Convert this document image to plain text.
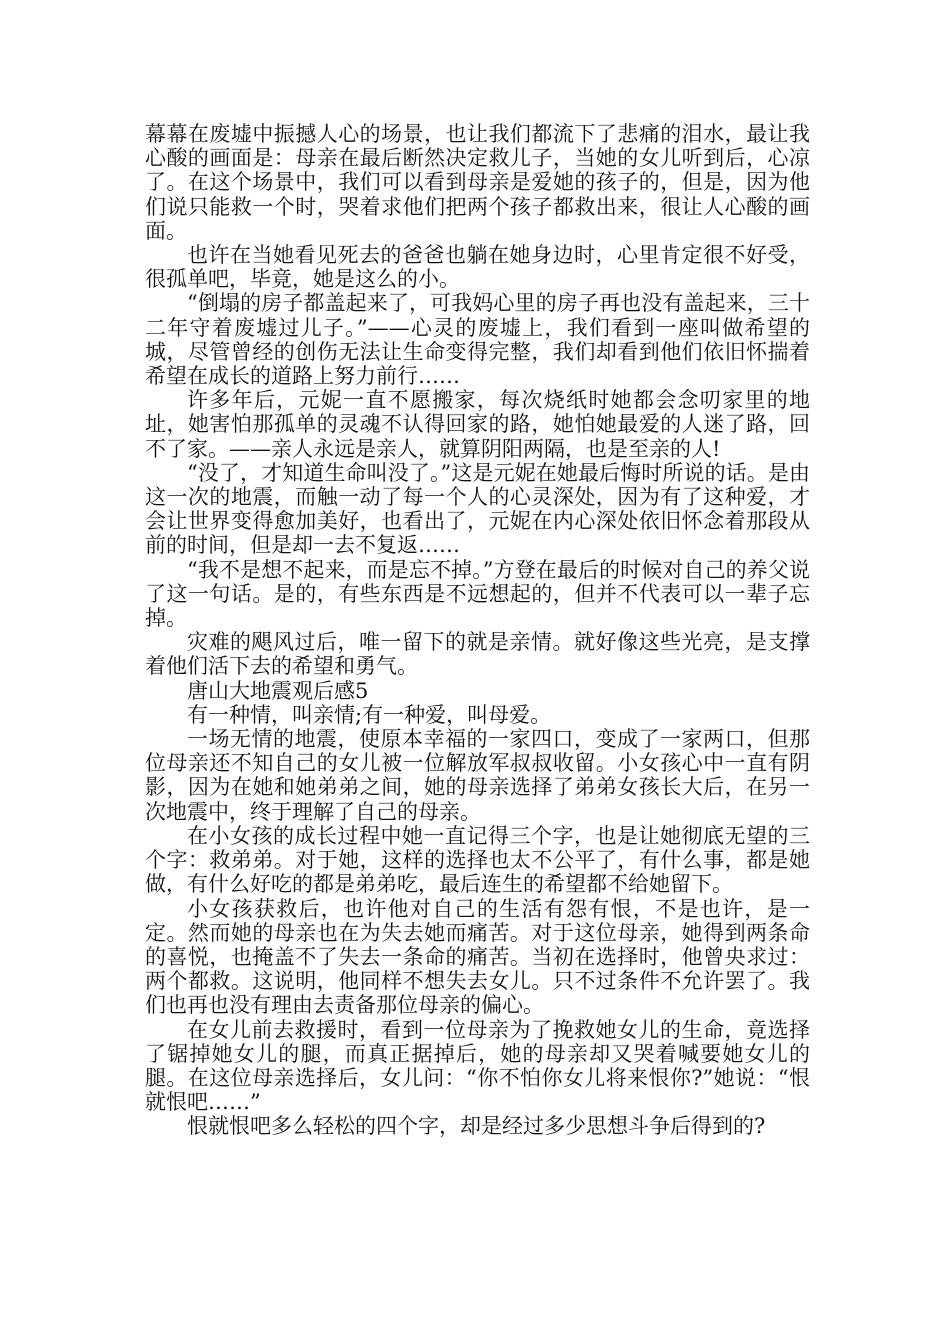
幕幕在废墟中振撼人心的场景，也让我们都流下了悲痛的泪水，最让我心酸的画面是：母亲在最后断然决定救儿子，当她的女儿听到后，心凉了。在这个场景中，我们可以看到母亲是爱她的孩子的，但是，因为他们说只能救一个时，哭着求他们把两个孩子都救出来，很让人心酸的画面。

也许在当她看见死去的爸爸也躺在她身边时，心里肯定很不好受，很孤单吧，毕竟，她是这么的小。

“倒塌的房子都盖起来了，可我妈心里的房子再也没有盖起来，三十二年守着废墟过儿子。”——心灵的废墟上，我们看到一座叫做希望的城，尽管曾经的创伤无法让生命变得完整，我们却看到他们依旧怀揣着希望在成长的道路上努力前行……

许多年后，元妮一直不愿搬家，每次烧纸时她都会念叨家里的地址，她害怕那孤单的灵魂不认得回家的路，她怕她最爱的人迷了路，回不了家。——亲人永远是亲人，就算阴阳两隔，也是至亲的人!

“没了，才知道生命叫没了。”这是元妮在她最后悔时所说的话。是由这一次的地震，而触一动了每一个人的心灵深处，因为有了这种爱，才会让世界变得愈加美好，也看出了，元妮在内心深处依旧怀念着那段从前的时间，但是却一去不复返……

“我不是想不起来，而是忘不掉。”方登在最后的时候对自己的养父说了这一句话。是的，有些东西是不远想起的，但并不代表可以一辈子忘掉。

灾难的飓风过后，唯一留下的就是亲情。就好像这些光亮，是支撑着他们活下去的希望和勇气。

唐山大地震观后感5

有一种情，叫亲情;有一种爱，叫母爱。

一场无情的地震，使原本幸福的一家四口，变成了一家两口，但那位母亲还不知自己的女儿被一位解放军叔叔收留。小女孩心中一直有阴影，因为在她和她弟弟之间，她的母亲选择了弟弟女孩长大后，在另一次地震中，终于理解了自己的母亲。

在小女孩的成长过程中她一直记得三个字，也是让她彻底无望的三个字：救弟弟。对于她，这样的选择也太不公平了，有什么事，都是她做，有什么好吃的都是弟弟吃，最后连生的希望都不给她留下。

小女孩获救后，也许他对自己的生活有怨有恨，不是也许，是一定。然而她的母亲也在为失去她而痛苦。对于这位母亲，她得到两条命的喜悦，也掩盖不了失去一条命的痛苦。当初在选择时，他曾央求过：两个都救。这说明，他同样不想失去女儿。只不过条件不允许罢了。我们也再也没有理由去责备那位母亲的偏心。

在女儿前去救援时，看到一位母亲为了挽救她女儿的生命，竟选择了锯掉她女儿的腿，而真正据掉后，她的母亲却又哭着喊要她女儿的腿。在这位母亲选择后，女儿问：“你不怕你女儿将来恨你?”她说：“恨就恨吧……”

恨就恨吧多么轻松的四个字，却是经过多少思想斗争后得到的?
